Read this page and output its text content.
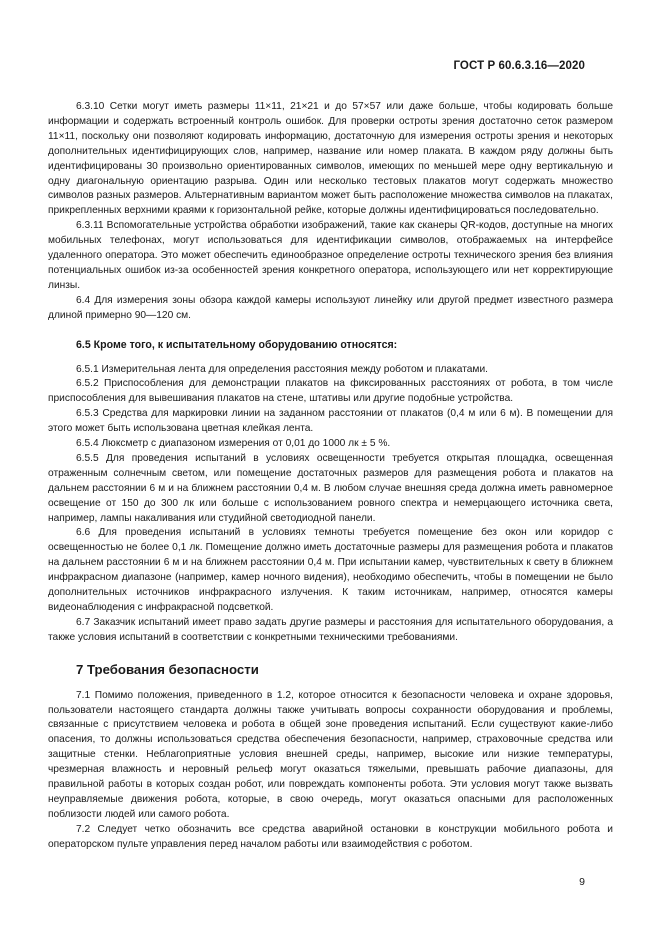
ГОСТ Р 60.6.3.16—2020

6.3.10 Сетки могут иметь размеры 11×11, 21×21 и до 57×57 или даже больше, чтобы кодировать больше информации и содержать встроенный контроль ошибок. Для проверки остроты зрения достаточно сеток размером 11×11, поскольку они позволяют кодировать информацию, достаточную для измерения остроты зрения и некоторых дополнительных идентифицирующих слов, например, название или номер плаката. В каждом ряду должны быть идентифицированы 30 произвольно ориентированных символов, имеющих по меньшей мере одну вертикальную и одну диагональную ориентацию разрыва. Один или несколько тестовых плакатов могут содержать множество символов разных размеров. Альтернативным вариантом может быть расположение множества символов на плакатах, прикрепленных верхними краями к горизонтальной рейке, которые должны идентифицироваться последовательно.

6.3.11 Вспомогательные устройства обработки изображений, такие как сканеры QR-кодов, доступные на многих мобильных телефонах, могут использоваться для идентификации символов, отображаемых на интерфейсе удаленного оператора. Это может обеспечить единообразное определение остроты технического зрения без влияния потенциальных ошибок из-за особенностей зрения конкретного оператора, использующего или нет корректирующие линзы.

6.4 Для измерения зоны обзора каждой камеры используют линейку или другой предмет известного размера длиной примерно 90—120 см.

6.5 Кроме того, к испытательному оборудованию относятся:

6.5.1 Измерительная лента для определения расстояния между роботом и плакатами.

6.5.2 Приспособления для демонстрации плакатов на фиксированных расстояниях от робота, в том числе приспособления для вывешивания плакатов на стене, штативы или другие подобные устройства.

6.5.3 Средства для маркировки линии на заданном расстоянии от плакатов (0,4 м или 6 м). В помещении для этого может быть использована цветная клейкая лента.

6.5.4 Люксметр с диапазоном измерения от 0,01 до 1000 лк ± 5 %.

6.5.5 Для проведения испытаний в условиях освещенности требуется открытая площадка, освещенная отраженным солнечным светом, или помещение достаточных размеров для размещения робота и плакатов на дальнем расстоянии 6 м и на ближнем расстоянии 0,4 м. В любом случае внешняя среда должна иметь равномерное освещение от 150 до 300 лк или больше с использованием ровного спектра и немерцающего источника света, например, лампы накаливания или студийной светодиодной панели.

6.6 Для проведения испытаний в условиях темноты требуется помещение без окон или коридор с освещенностью не более 0,1 лк. Помещение должно иметь достаточные размеры для размещения робота и плакатов на дальнем расстоянии 6 м и на ближнем расстоянии 0,4 м. При испытании камер, чувствительных к свету в ближнем инфракрасном диапазоне (например, камер ночного видения), необходимо обеспечить, чтобы в помещении не было дополнительных источников инфракрасного излучения. К таким источникам, например, относятся камеры видеонаблюдения с инфракрасной подсветкой.

6.7 Заказчик испытаний имеет право задать другие размеры и расстояния для испытательного оборудования, а также условия испытаний в соответствии с конкретными техническими требованиями.

7 Требования безопасности

7.1 Помимо положения, приведенного в 1.2, которое относится к безопасности человека и охране здоровья, пользователи настоящего стандарта должны также учитывать вопросы сохранности оборудования и проблемы, связанные с присутствием человека и робота в общей зоне проведения испытаний. Если существуют какие-либо опасения, то должны использоваться средства обеспечения безопасности, например, страховочные средства или защитные стенки. Неблагоприятные условия внешней среды, например, высокие или низкие температуры, чрезмерная влажность и неровный рельеф могут оказаться тяжелыми, превышать рабочие диапазоны, для правильной работы в которых создан робот, или повреждать компоненты робота. Эти условия могут также вызвать неуправляемые движения робота, которые, в свою очередь, могут оказаться опасными для расположенных поблизости людей или самого робота.

7.2 Следует четко обозначить все средства аварийной остановки в конструкции мобильного робота и операторском пульте управления перед началом работы или взаимодействия с роботом.

9
